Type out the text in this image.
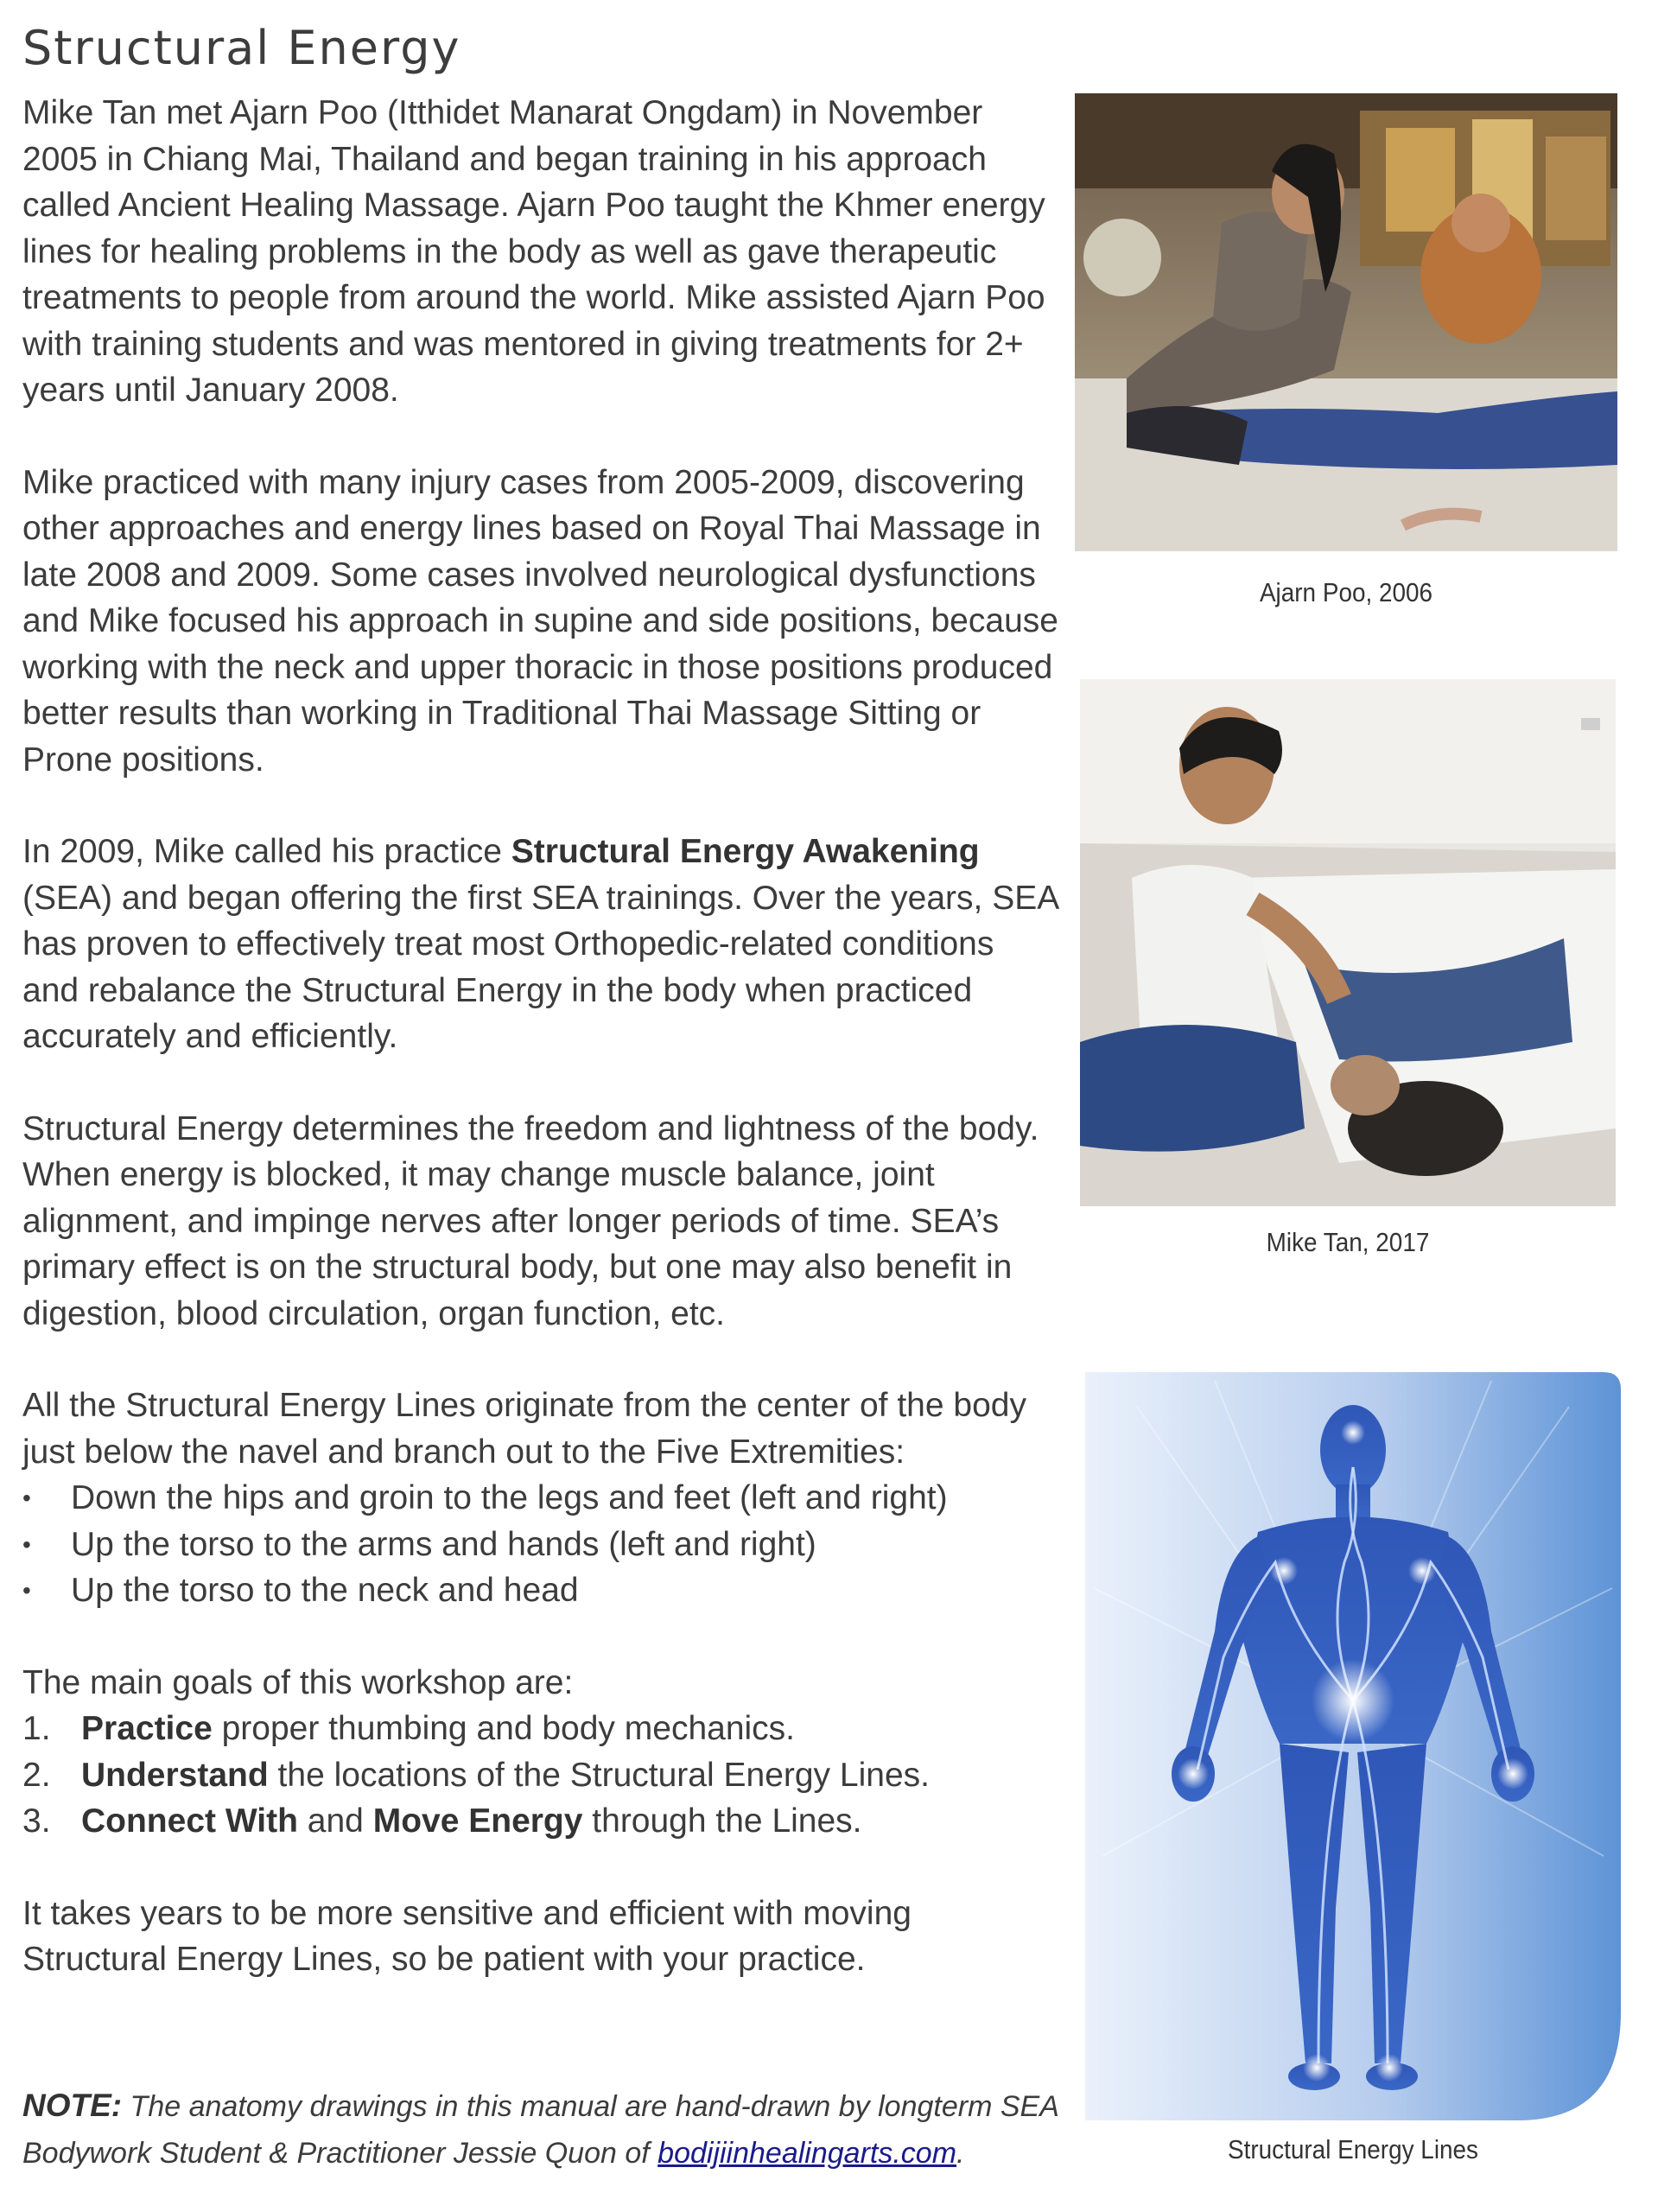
Structural Energy

Mike Tan met Ajarn Poo (Itthidet Manarat Ongdam) in November 2005 in Chiang Mai, Thailand and began training in his approach called Ancient Healing Massage. Ajarn Poo taught the Khmer energy lines for healing problems in the body as well as gave therapeutic treatments to people from around the world. Mike assisted Ajarn Poo with training students and was mentored in giving treatments for 2+ years until January 2008.

Mike practiced with many injury cases from 2005-2009, discovering other approaches and energy lines based on Royal Thai Massage in late 2008 and 2009. Some cases involved neurological dysfunctions and Mike focused his approach in supine and side positions, because working with the neck and upper thoracic in those positions produced better results than working in Traditional Thai Massage Sitting or Prone positions.

In 2009, Mike called his practice Structural Energy Awakening (SEA) and began offering the first SEA trainings. Over the years, SEA has proven to effectively treat most Orthopedic-related conditions and rebalance the Structural Energy in the body when practiced accurately and efficiently.

Structural Energy determines the freedom and lightness of the body. When energy is blocked, it may change muscle balance, joint alignment, and impinge nerves after longer periods of time. SEA’s primary effect is on the structural body, but one may also benefit in digestion, blood circulation, organ function, etc.

All the Structural Energy Lines originate from the center of the body just below the navel and branch out to the Five Extremities:

•	Down the hips and groin to the legs and feet (left and right)
•	Up the torso to the arms and hands (left and right)
•	Up the torso to the neck and head

The main goals of this workshop are:

1. Practice proper thumbing and body mechanics.
2. Understand the locations of the Structural Energy Lines.
3. Connect With and Move Energy through the Lines.

It takes years to be more sensitive and efficient with moving Structural Energy Lines, so be patient with your practice.

NOTE: The anatomy drawings in this manual are hand-drawn by longterm SEA Bodywork Student & Practitioner Jessie Quon of bodijiinhealingarts.com.
Ajarn Poo, 2006
Mike Tan, 2017
Structural Energy Lines
